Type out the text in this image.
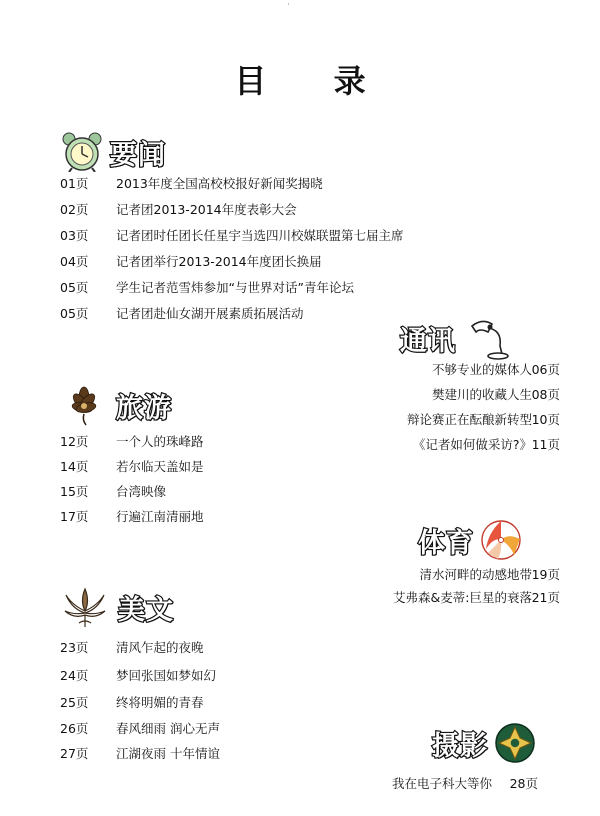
·
目 录
要闻
01页 2013年度全国高校校报好新闻奖揭晓
02页 记者团2013-2014年度表彰大会
03页 记者团时任团长任星宇当选四川校媒联盟第七届主席
04页 记者团举行2013-2014年度团长换届
05页 学生记者范雪炜参加“与世界对话”青年论坛
05页 记者团赴仙女湖开展素质拓展活动
通讯
不够专业的媒体人 06页
樊建川的收藏人生 08页
辩论赛正在酝酿新转型 10页
《记者如何做采访?》 11页
旅游
12页 一个人的珠峰路
14页 若尔临天盖如是
15页 台湾映像
17页 行遍江南清丽地
体育
清水河畔的动感地带 19页
艾弗森&麦蒂:巨星的衰落 21页
美文
23页 清风乍起的夜晚
24页 梦回张国如梦如幻
25页 终将明媚的青春
26页 春风细雨 润心无声
27页 江湖夜雨 十年情谊	摄影
我在电子科大等你 28页
